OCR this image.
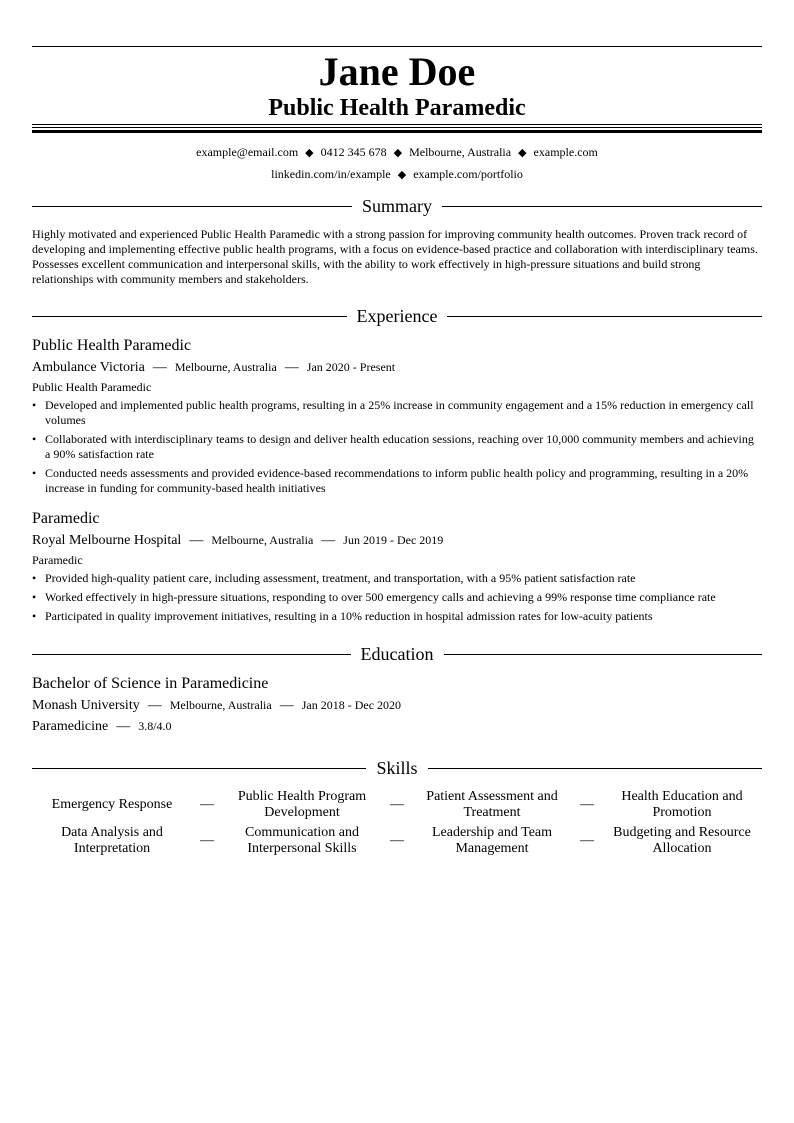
Jane Doe
Public Health Paramedic
example@email.com ◆ 0412 345 678 ◆ Melbourne, Australia ◆ example.com
linkedin.com/in/example ◆ example.com/portfolio
Summary
Highly motivated and experienced Public Health Paramedic with a strong passion for improving community health outcomes. Proven track record of developing and implementing effective public health programs, with a focus on evidence-based practice and collaboration with interdisciplinary teams. Possesses excellent communication and interpersonal skills, with the ability to work effectively in high-pressure situations and build strong relationships with community members and stakeholders.
Experience
Public Health Paramedic
Ambulance Victoria — Melbourne, Australia — Jan 2020 - Present
Public Health Paramedic
• Developed and implemented public health programs, resulting in a 25% increase in community engagement and a 15% reduction in emergency call volumes
• Collaborated with interdisciplinary teams to design and deliver health education sessions, reaching over 10,000 community members and achieving a 90% satisfaction rate
• Conducted needs assessments and provided evidence-based recommendations to inform public health policy and programming, resulting in a 20% increase in funding for community-based health initiatives
Paramedic
Royal Melbourne Hospital — Melbourne, Australia — Jun 2019 - Dec 2019
Paramedic
• Provided high-quality patient care, including assessment, treatment, and transportation, with a 95% patient satisfaction rate
• Worked effectively in high-pressure situations, responding to over 500 emergency calls and achieving a 99% response time compliance rate
• Participated in quality improvement initiatives, resulting in a 10% reduction in hospital admission rates for low-acuity patients
Education
Bachelor of Science in Paramedicine
Monash University — Melbourne, Australia — Jan 2018 - Dec 2020
Paramedicine — 3.8/4.0
Skills
Emergency Response	—
Public Health Program Development
—
Patient Assessment and Treatment
—
Health Education and Promotion
Data Analysis and Interpretation
—
Communication and Interpersonal Skills
—
Leadership and Team Management
—
Budgeting and Resource Allocation
